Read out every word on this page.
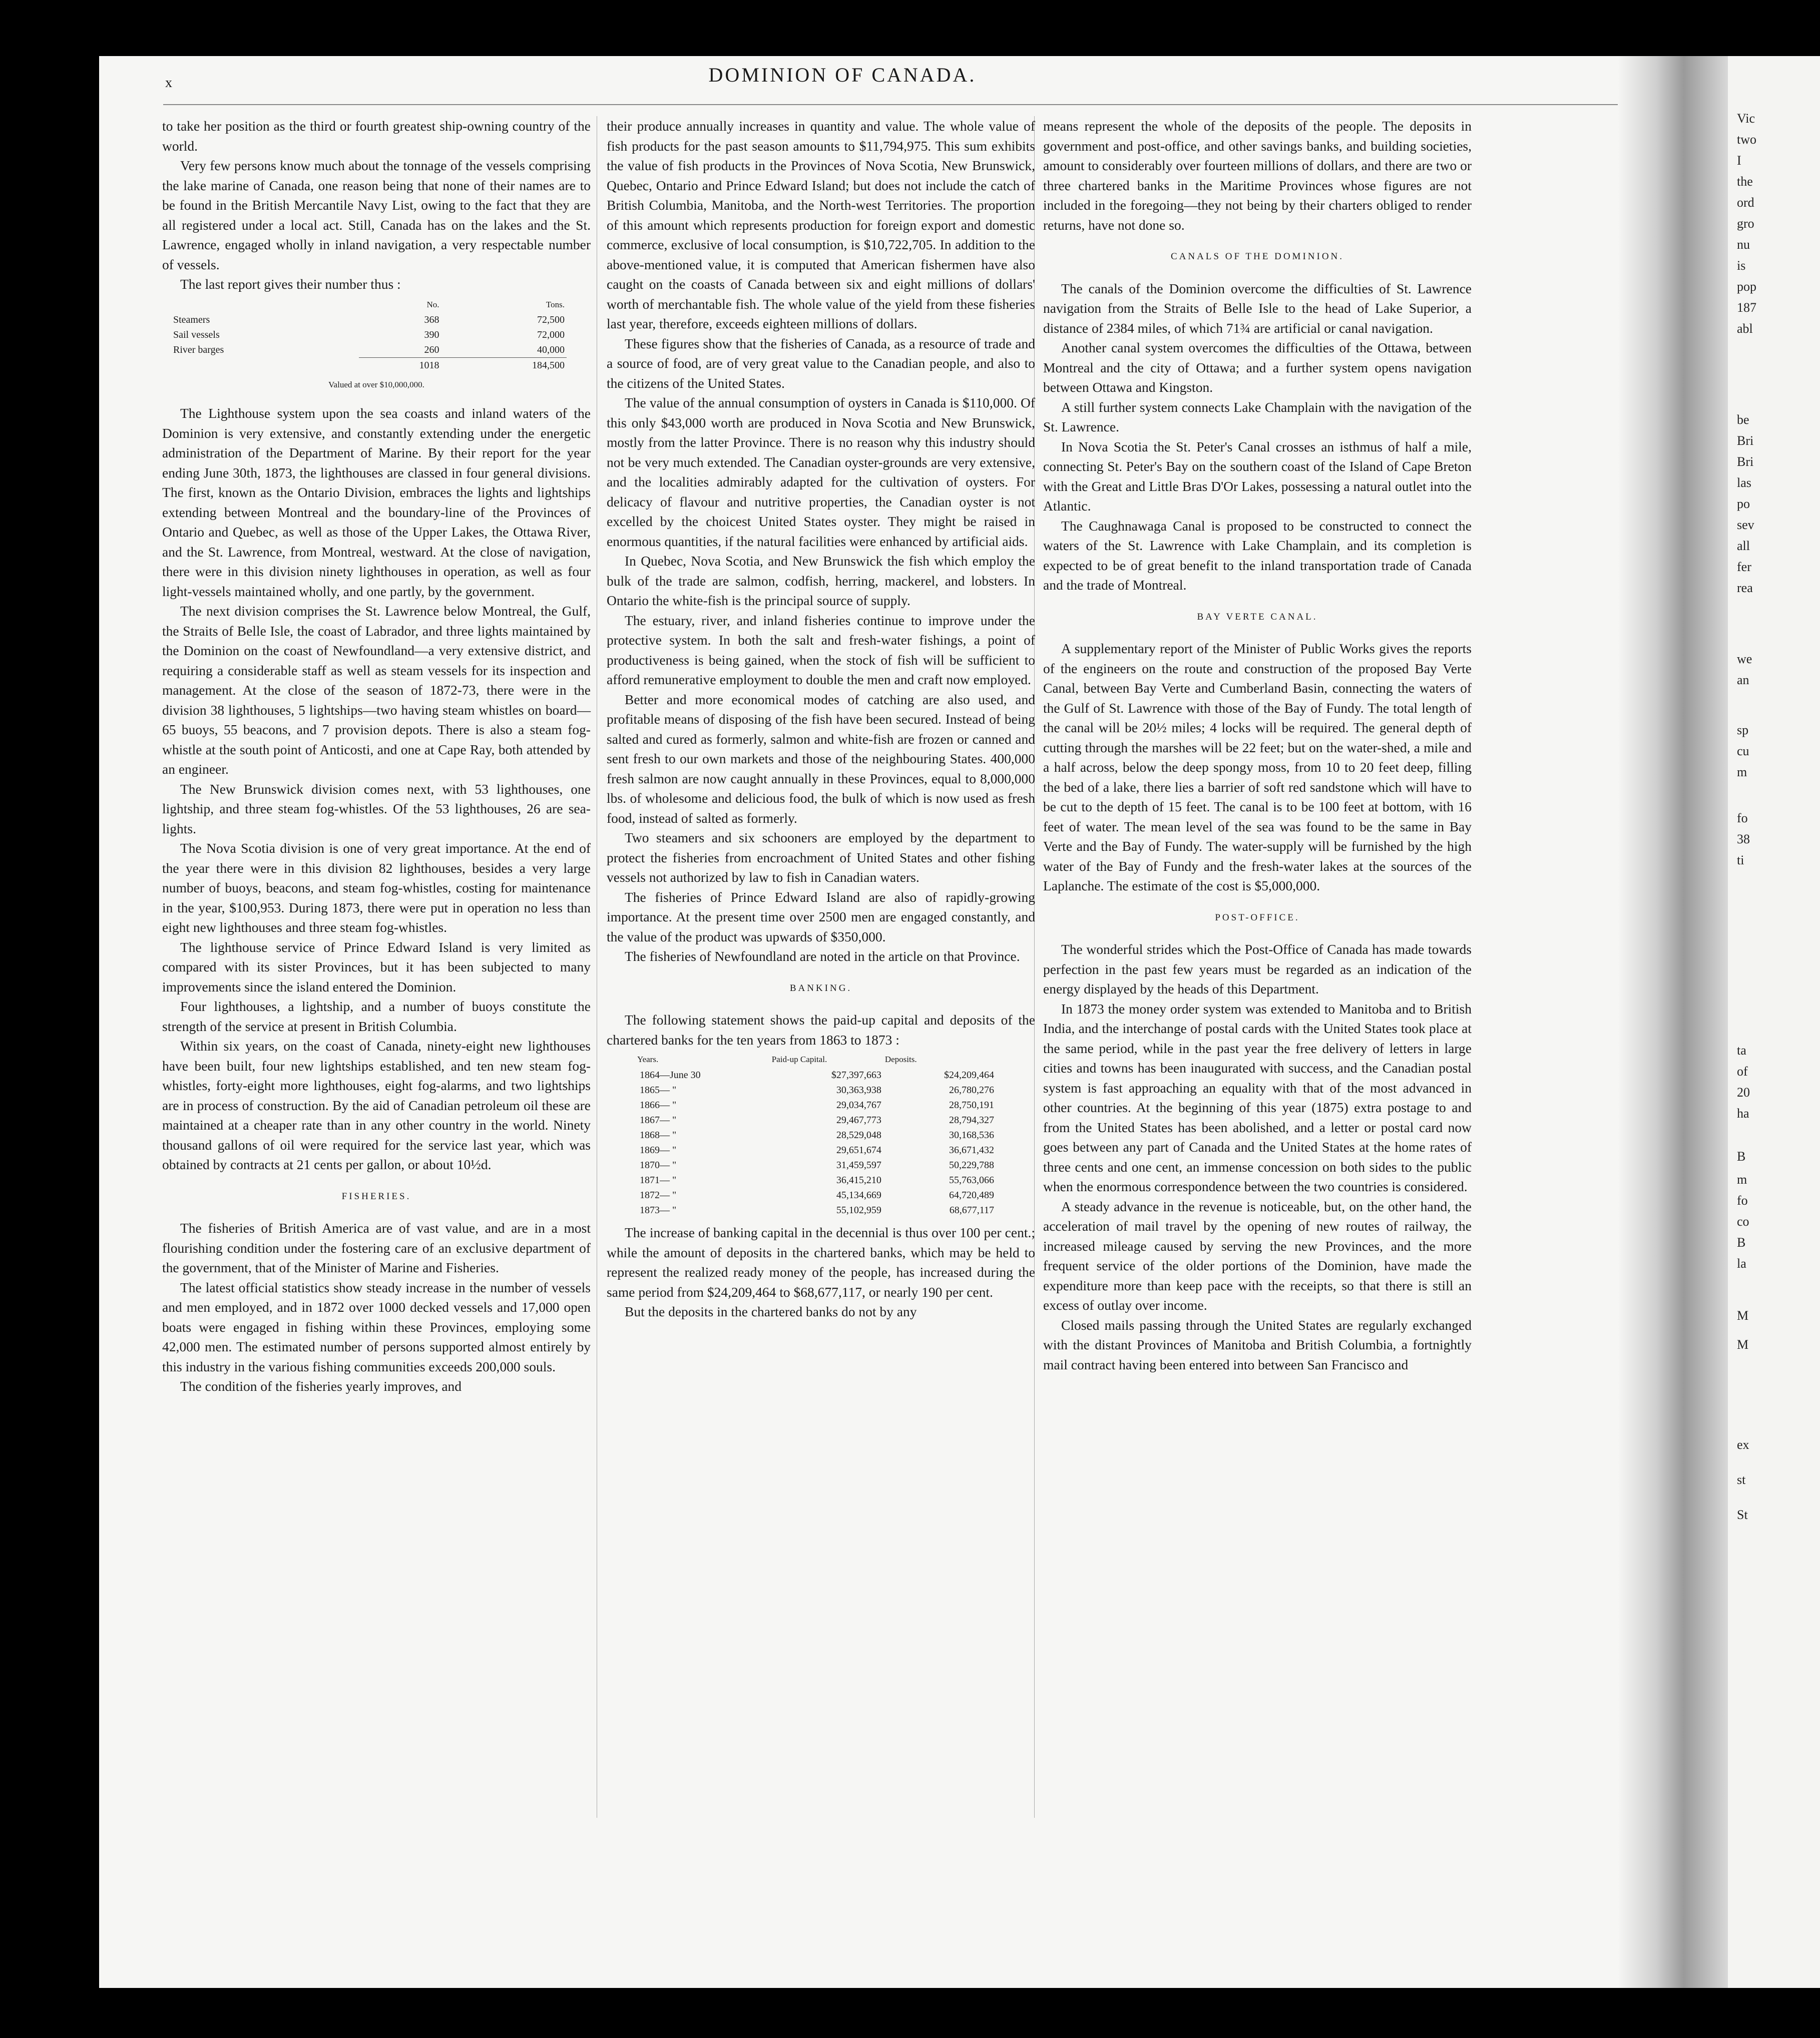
x	DOMINION OF CANADA.

to take her position as the third or fourth greatest ship-owning country of the world.

Very few persons know much about the tonnage of the vessels comprising the lake marine of Canada, one reason being that none of their names are to be found in the British Mercantile Navy List, owing to the fact that they are all registered under a local act. Still, Canada has on the lakes and the St. Lawrence, engaged wholly in inland navigation, a very respectable number of vessels.

The last report gives their number thus :

	No.	Tons.
Steamers	368	72,500
Sail vessels	390	72,000
River barges	260	40,000
	1018	184,500
Valued at over $10,000,000.

The Lighthouse system upon the sea coasts and inland waters of the Dominion is very extensive, and constantly extending under the energetic administration of the Department of Marine. By their report for the year ending June 30th, 1873, the lighthouses are classed in four general divisions. The first, known as the Ontario Division, embraces the lights and lightships extending between Montreal and the boundary-line of the Provinces of Ontario and Quebec, as well as those of the Upper Lakes, the Ottawa River, and the St. Lawrence, from Montreal, westward. At the close of navigation, there were in this division ninety lighthouses in operation, as well as four light-vessels maintained wholly, and one partly, by the government.

The next division comprises the St. Lawrence below Montreal, the Gulf, the Straits of Belle Isle, the coast of Labrador, and three lights maintained by the Dominion on the coast of Newfoundland—a very extensive district, and requiring a considerable staff as well as steam vessels for its inspection and management. At the close of the season of 1872-73, there were in the division 38 lighthouses, 5 lightships—two having steam whistles on board—65 buoys, 55 beacons, and 7 provision depots. There is also a steam fog-whistle at the south point of Anticosti, and one at Cape Ray, both attended by an engineer.

The New Brunswick division comes next, with 53 lighthouses, one lightship, and three steam fog-whistles. Of the 53 lighthouses, 26 are sea-lights.

The Nova Scotia division is one of very great importance. At the end of the year there were in this division 82 lighthouses, besides a very large number of buoys, beacons, and steam fog-whistles, costing for maintenance in the year, $100,953. During 1873, there were put in operation no less than eight new lighthouses and three steam fog-whistles.

The lighthouse service of Prince Edward Island is very limited as compared with its sister Provinces, but it has been subjected to many improvements since the island entered the Dominion.

Four lighthouses, a lightship, and a number of buoys constitute the strength of the service at present in British Columbia.

Within six years, on the coast of Canada, ninety-eight new lighthouses have been built, four new lightships established, and ten new steam fog-whistles, forty-eight more lighthouses, eight fog-alarms, and two lightships are in process of construction. By the aid of Canadian petroleum oil these are maintained at a cheaper rate than in any other country in the world. Ninety thousand gallons of oil were required for the service last year, which was obtained by contracts at 21 cents per gallon, or about 10½d.

FISHERIES.

The fisheries of British America are of vast value, and are in a most flourishing condition under the fostering care of an exclusive department of the government, that of the Minister of Marine and Fisheries.

The latest official statistics show steady increase in the number of vessels and men employed, and in 1872 over 1000 decked vessels and 17,000 open boats were engaged in fishing within these Provinces, employing some 42,000 men. The estimated number of persons supported almost entirely by this industry in the various fishing communities exceeds 200,000 souls.

The condition of the fisheries yearly improves, and

their produce annually increases in quantity and value. The whole value of fish products for the past season amounts to $11,794,975. This sum exhibits the value of fish products in the Provinces of Nova Scotia, New Brunswick, Quebec, Ontario and Prince Edward Island; but does not include the catch of British Columbia, Manitoba, and the North-west Territories. The proportion of this amount which represents production for foreign export and domestic commerce, exclusive of local consumption, is $10,722,705. In addition to the above-mentioned value, it is computed that American fishermen have also caught on the coasts of Canada between six and eight millions of dollars' worth of merchantable fish. The whole value of the yield from these fisheries last year, therefore, exceeds eighteen millions of dollars.

These figures show that the fisheries of Canada, as a resource of trade and a source of food, are of very great value to the Canadian people, and also to the citizens of the United States.

The value of the annual consumption of oysters in Canada is $110,000. Of this only $43,000 worth are produced in Nova Scotia and New Brunswick, mostly from the latter Province. There is no reason why this industry should not be very much extended. The Canadian oyster-grounds are very extensive, and the localities admirably adapted for the cultivation of oysters. For delicacy of flavour and nutritive properties, the Canadian oyster is not excelled by the choicest United States oyster. They might be raised in enormous quantities, if the natural facilities were enhanced by artificial aids.

In Quebec, Nova Scotia, and New Brunswick the fish which employ the bulk of the trade are salmon, codfish, herring, mackerel, and lobsters. In Ontario the white-fish is the principal source of supply.

The estuary, river, and inland fisheries continue to improve under the protective system. In both the salt and fresh-water fishings, a point of productiveness is being gained, when the stock of fish will be sufficient to afford remunerative employment to double the men and craft now employed.

Better and more economical modes of catching are also used, and profitable means of disposing of the fish have been secured. Instead of being salted and cured as formerly, salmon and white-fish are frozen or canned and sent fresh to our own markets and those of the neighbouring States. 400,000 fresh salmon are now caught annually in these Provinces, equal to 8,000,000 lbs. of wholesome and delicious food, the bulk of which is now used as fresh food, instead of salted as formerly.

Two steamers and six schooners are employed by the department to protect the fisheries from encroachment of United States and other fishing vessels not authorized by law to fish in Canadian waters.

The fisheries of Prince Edward Island are also of rapidly-growing importance. At the present time over 2500 men are engaged constantly, and the value of the product was upwards of $350,000.

The fisheries of Newfoundland are noted in the article on that Province.

BANKING.

The following statement shows the paid-up capital and deposits of the chartered banks for the ten years from 1863 to 1873 :

Years.	Paid-up Capital.	Deposits.
1864—June 30	$27,397,663	$24,209,464
1865— "	30,363,938	26,780,276
1866— "	29,034,767	28,750,191
1867— "	29,467,773	28,794,327
1868— "	28,529,048	30,168,536
1869— "	29,651,674	36,671,432
1870— "	31,459,597	50,229,788
1871— "	36,415,210	55,763,066
1872— "	45,134,669	64,720,489
1873— "	55,102,959	68,677,117

The increase of banking capital in the decennial is thus over 100 per cent.; while the amount of deposits in the chartered banks, which may be held to represent the realized ready money of the people, has increased during the same period from $24,209,464 to $68,677,117, or nearly 190 per cent.

But the deposits in the chartered banks do not by any

means represent the whole of the deposits of the people. The deposits in government and post-office, and other savings banks, and building societies, amount to considerably over fourteen millions of dollars, and there are two or three chartered banks in the Maritime Provinces whose figures are not included in the foregoing—they not being by their charters obliged to render returns, have not done so.

CANALS OF THE DOMINION.

The canals of the Dominion overcome the difficulties of St. Lawrence navigation from the Straits of Belle Isle to the head of Lake Superior, a distance of 2384 miles, of which 71¾ are artificial or canal navigation.

Another canal system overcomes the difficulties of the Ottawa, between Montreal and the city of Ottawa; and a further system opens navigation between Ottawa and Kingston.

A still further system connects Lake Champlain with the navigation of the St. Lawrence.

In Nova Scotia the St. Peter's Canal crosses an isthmus of half a mile, connecting St. Peter's Bay on the southern coast of the Island of Cape Breton with the Great and Little Bras D'Or Lakes, possessing a natural outlet into the Atlantic.

The Caughnawaga Canal is proposed to be constructed to connect the waters of the St. Lawrence with Lake Champlain, and its completion is expected to be of great benefit to the inland transportation trade of Canada and the trade of Montreal.

BAY VERTE CANAL.

A supplementary report of the Minister of Public Works gives the reports of the engineers on the route and construction of the proposed Bay Verte Canal, between Bay Verte and Cumberland Basin, connecting the waters of the Gulf of St. Lawrence with those of the Bay of Fundy. The total length of the canal will be 20½ miles; 4 locks will be required. The general depth of cutting through the marshes will be 22 feet; but on the water-shed, a mile and a half across, below the deep spongy moss, from 10 to 20 feet deep, filling the bed of a lake, there lies a barrier of soft red sandstone which will have to be cut to the depth of 15 feet. The canal is to be 100 feet at bottom, with 16 feet of water. The mean level of the sea was found to be the same in Bay Verte and the Bay of Fundy. The water-supply will be furnished by the high water of the Bay of Fundy and the fresh-water lakes at the sources of the Laplanche. The estimate of the cost is $5,000,000.

POST-OFFICE.

The wonderful strides which the Post-Office of Canada has made towards perfection in the past few years must be regarded as an indication of the energy displayed by the heads of this Department.

In 1873 the money order system was extended to Manitoba and to British India, and the interchange of postal cards with the United States took place at the same period, while in the past year the free delivery of letters in large cities and towns has been inaugurated with success, and the Canadian postal system is fast approaching an equality with that of the most advanced in other countries. At the beginning of this year (1875) extra postage to and from the United States has been abolished, and a letter or postal card now goes between any part of Canada and the United States at the home rates of three cents and one cent, an immense concession on both sides to the public when the enormous correspondence between the two countries is considered.

A steady advance in the revenue is noticeable, but, on the other hand, the acceleration of mail travel by the opening of new routes of railway, the increased mileage caused by serving the new Provinces, and the more frequent service of the older portions of the Dominion, have made the expenditure more than keep pace with the receipts, so that there is still an excess of outlay over income.

Closed mails passing through the United States are regularly exchanged with the distant Provinces of Manitoba and British Columbia, a fortnightly mail contract having been entered into between San Francisco and

Vic
two
I
the
ord
gro
nu
is
pop
187
abl
be
Bri
Bri
las
po
sev
all
fer
rea
we
an
sp
cu
m
fo
38
ti
ta
of
20
ha
B
m
fo
co
B
la
M
M
ex
st
St
